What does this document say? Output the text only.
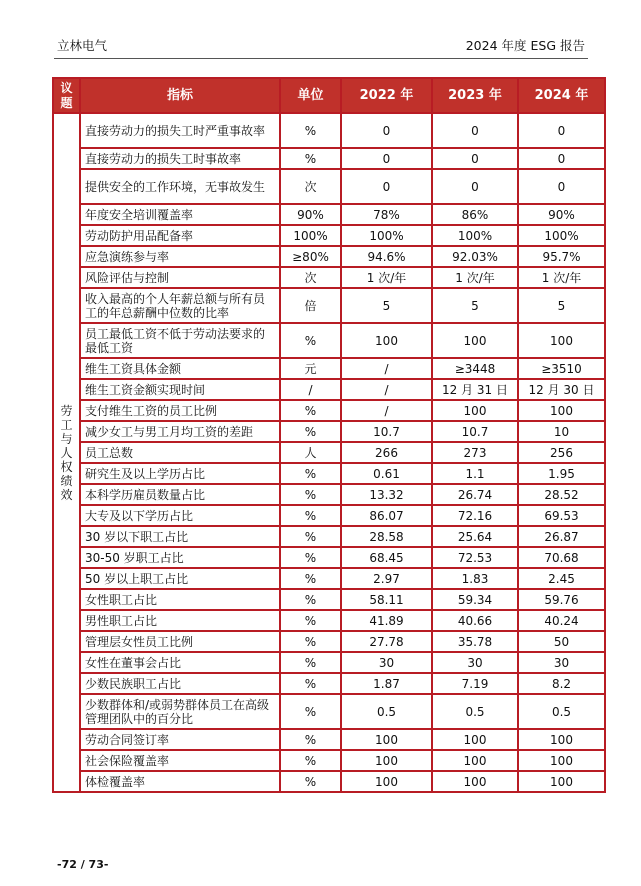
立林电气	2024 年度 ESG 报告
议题	指标	单位	2022 年	2023 年	2024 年
劳工与人权绩效	直接劳动力的损失工时严重事故率	%	0	0	0
	直接劳动力的损失工时事故率	%	0	0	0
	提供安全的工作环境，无事故发生	次	0	0	0
	年度安全培训覆盖率	90%	78%	86%	90%
	劳动防护用品配备率	100%	100%	100%	100%
	应急演练参与率	≥80%	94.6%	92.03%	95.7%
	风险评估与控制	次	1 次/年	1 次/年	1 次/年
	收入最高的个人年薪总额与所有员工的年总薪酬中位数的比率	倍	5	5	5
	员工最低工资不低于劳动法要求的最低工资	%	100	100	100
	维生工资具体金额	元	/	≥3448	≥3510
	维生工资金额实现时间	/	/	12 月 31 日	12 月 30 日
	支付维生工资的员工比例	%	/	100	100
	减少女工与男工月均工资的差距	%	10.7	10.7	10
	员工总数	人	266	273	256
	研究生及以上学历占比	%	0.61	1.1	1.95
	本科学历雇员数量占比	%	13.32	26.74	28.52
	大专及以下学历占比	%	86.07	72.16	69.53
	30 岁以下职工占比	%	28.58	25.64	26.87
	30-50 岁职工占比	%	68.45	72.53	70.68
	50 岁以上职工占比	%	2.97	1.83	2.45
	女性职工占比	%	58.11	59.34	59.76
	男性职工占比	%	41.89	40.66	40.24
	管理层女性员工比例	%	27.78	35.78	50
	女性在董事会占比	%	30	30	30
	少数民族职工占比	%	1.87	7.19	8.2
	少数群体和/或弱势群体员工在高级管理团队中的百分比	%	0.5	0.5	0.5
	劳动合同签订率	%	100	100	100
	社会保险覆盖率	%	100	100	100
	体检覆盖率	%	100	100	100
-72 / 73-
